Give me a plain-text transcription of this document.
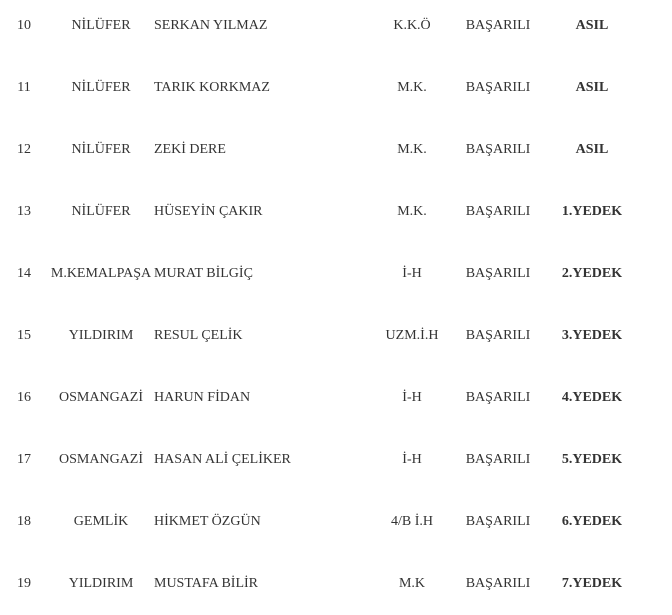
10	NİLÜFER	SERKAN YILMAZ	K.K.Ö	BAŞARILI	ASIL
11	NİLÜFER	TARIK KORKMAZ	M.K.	BAŞARILI	ASIL
12	NİLÜFER	ZEKİ DERE	M.K.	BAŞARILI	ASIL
13	NİLÜFER	HÜSEYİN ÇAKIR	M.K.	BAŞARILI	1.YEDEK
14	M.KEMALPAŞA	MURAT BİLGİÇ	İ-H	BAŞARILI	2.YEDEK
15	YILDIRIM	RESUL ÇELİK	UZM.İ.H	BAŞARILI	3.YEDEK
16	OSMANGAZİ	HARUN FİDAN	İ-H	BAŞARILI	4.YEDEK
17	OSMANGAZİ	HASAN ALİ ÇELİKER	İ-H	BAŞARILI	5.YEDEK
18	GEMLİK	HİKMET ÖZGÜN	4/B İ.H	BAŞARILI	6.YEDEK
19	YILDIRIM	MUSTAFA BİLİR	M.K	BAŞARILI	7.YEDEK
